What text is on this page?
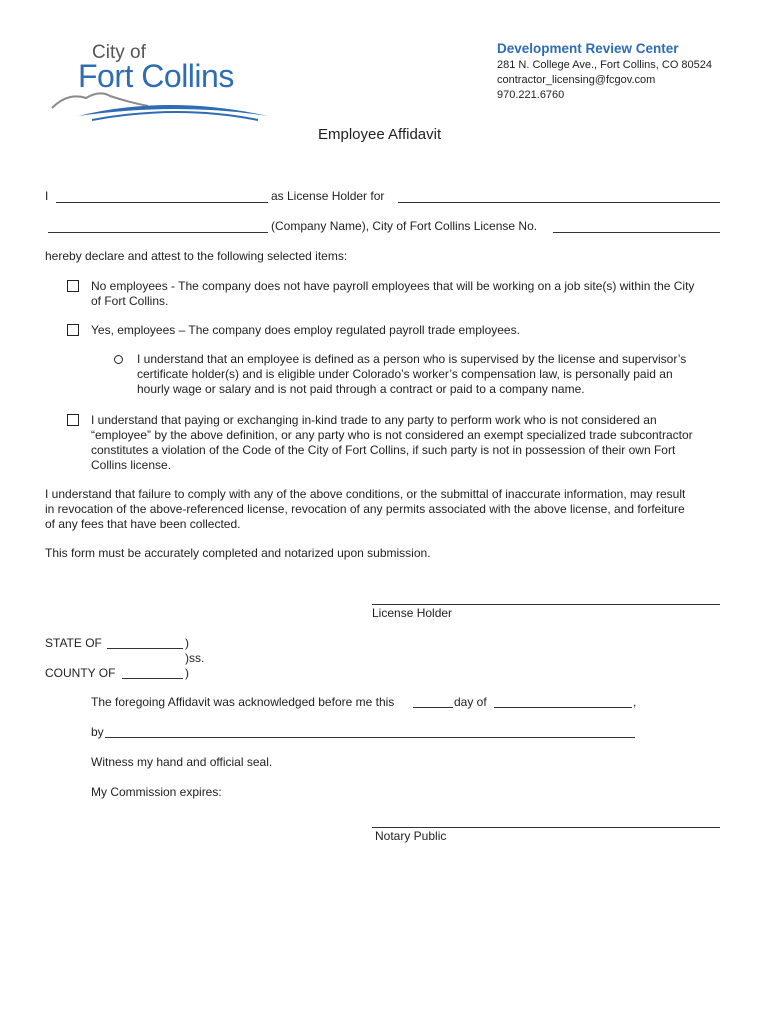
City of
Fort Collins
Development Review Center
281 N. College Ave., Fort Collins, CO 80524
contractor_licensing@fcgov.com
970.221.6760
Employee Affidavit
I	as License Holder for
(Company Name), City of Fort Collins License No.
hereby declare and attest to the following selected items:
No employees - The company does not have payroll employees that will be working on a job site(s) within the City
of Fort Collins.
Yes, employees – The company does employ regulated payroll trade employees.
I understand that an employee is defined as a person who is supervised by the license and supervisor’s
certificate holder(s) and is eligible under Colorado’s worker’s compensation law, is personally paid an
hourly wage or salary and is not paid through a contract or paid to a company name.
I understand that paying or exchanging in-kind trade to any party to perform work who is not considered an
“employee” by the above definition, or any party who is not considered an exempt specialized trade subcontractor
constitutes a violation of the Code of the City of Fort Collins, if such party is not in possession of their own Fort
Collins license.
I understand that failure to comply with any of the above conditions, or the submittal of inaccurate information, may result
in revocation of the above-referenced license, revocation of any permits associated with the above license, and forfeiture
of any fees that have been collected.
This form must be accurately completed and notarized upon submission.
License Holder
STATE OF	)
)ss.
COUNTY OF	)
The foregoing Affidavit was acknowledged before me this	day of	,
by
Witness my hand and official seal.
My Commission expires:
Notary Public
